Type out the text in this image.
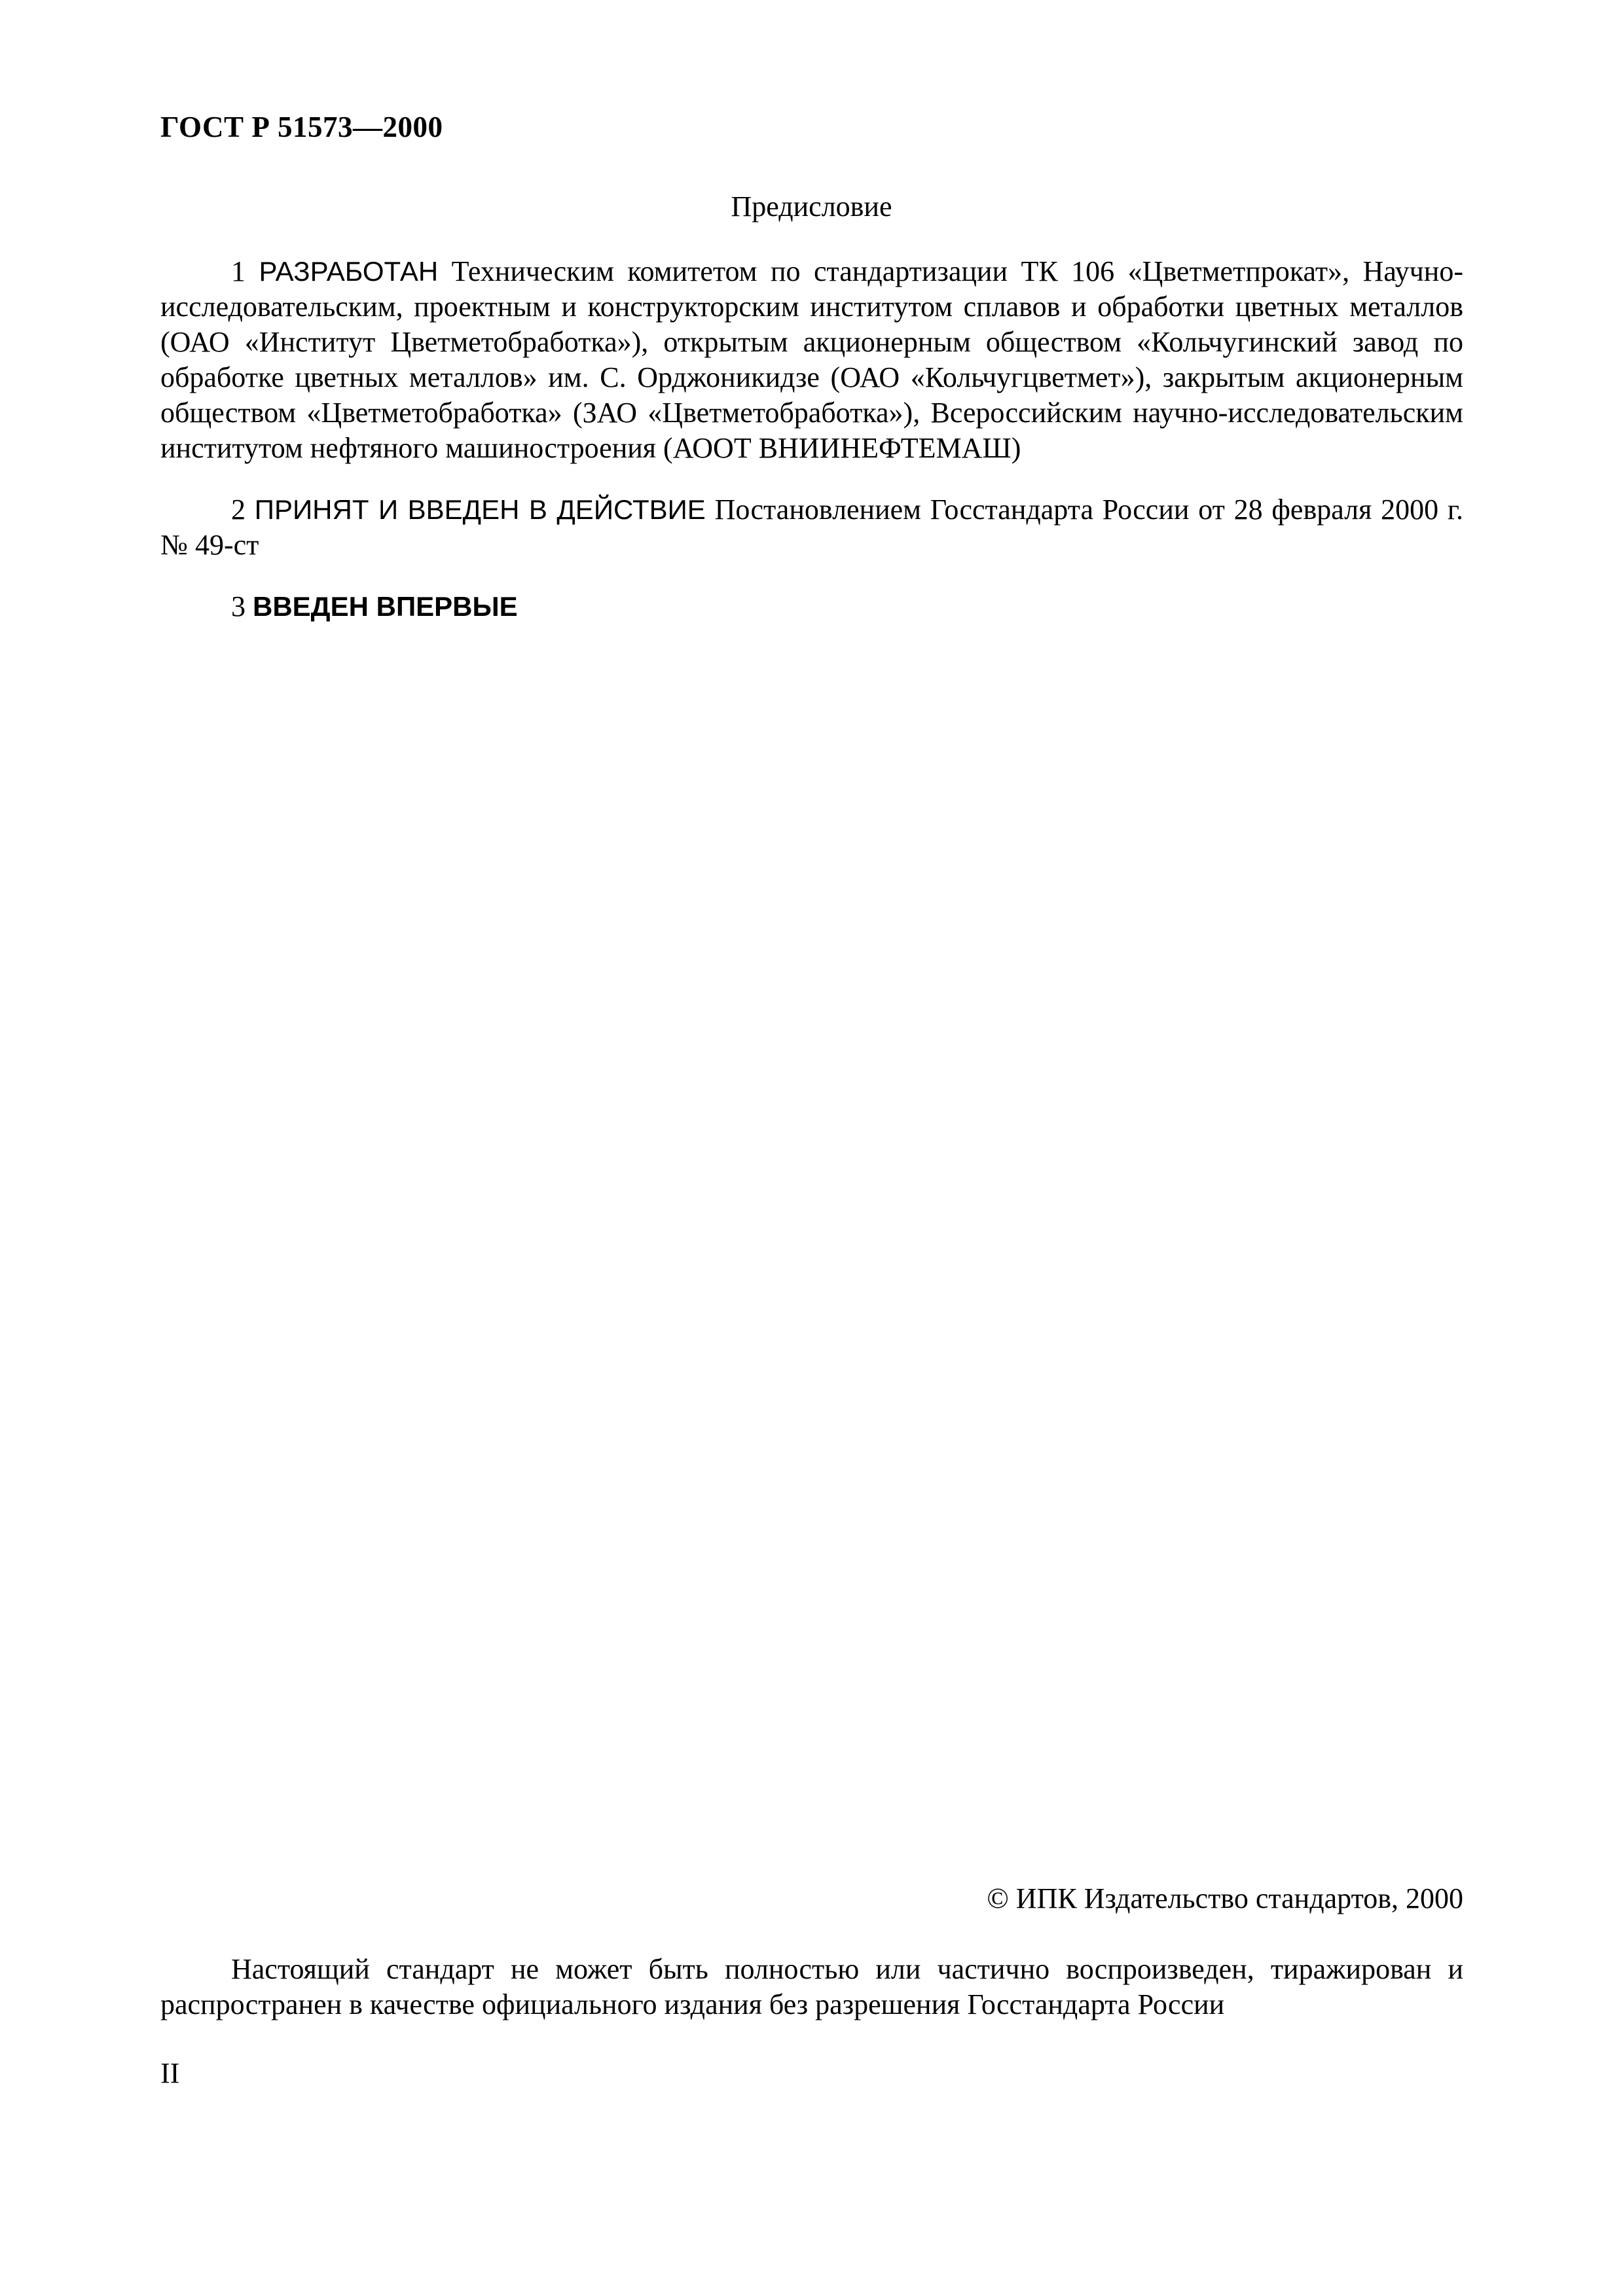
ГОСТ Р 51573—2000
Предисловие

1 РАЗРАБОТАН Техническим комитетом по стандартизации ТК 106 «Цветметпрокат», Научно-исследовательским, проектным и конструкторским институтом сплавов и обработки цветных металлов (ОАО «Институт Цветметобработка»), открытым акционерным обществом «Кольчугинский завод по обработке цветных металлов» им. С. Орджоникидзе (ОАО «Кольчугцветмет»), закрытым акционерным обществом «Цветметобработка» (ЗАО «Цветметобработка»), Всероссийским научно-исследовательским институтом нефтяного машиностроения (АООТ ВНИИНЕФТЕМАШ)

2 ПРИНЯТ И ВВЕДЕН В ДЕЙСТВИЕ Постановлением Госстандарта России от 28 февраля 2000 г. № 49-ст

3 ВВЕДЕН ВПЕРВЫЕ

© ИПК Издательство стандартов, 2000
Настоящий стандарт не может быть полностью или частично воспроизведен, тиражирован и распространен в качестве официального издания без разрешения Госстандарта России
II
